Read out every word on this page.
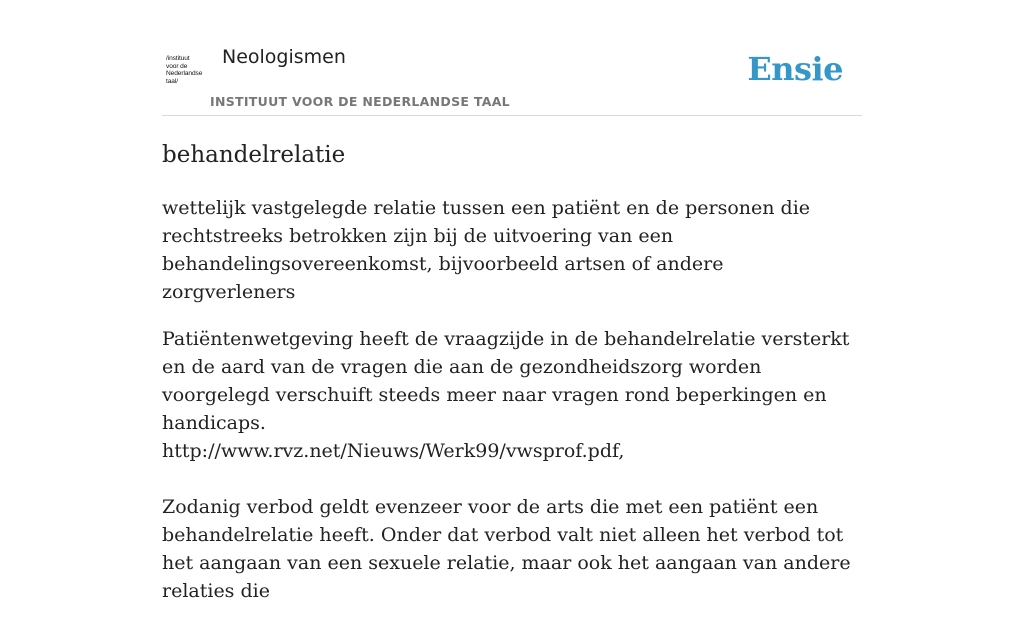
/instituut
voor de
Nederlandse
taal/
Neologismen
INSTITUUT VOOR DE NEDERLANDSE TAAL
Ensie
behandelrelatie

wettelijk vastgelegde relatie tussen een patiënt en de personen die rechtstreeks betrokken zijn bij de uitvoering van een behandelingsovereenkomst, bijvoorbeeld artsen of andere zorgverleners

Patiëntenwetgeving heeft de vraagzijde in de behandelrelatie versterkt en de aard van de vragen die aan de gezondheidszorg worden voorgelegd verschuift steeds meer naar vragen rond beperkingen en handicaps.
http://www.rvz.net/Nieuws/Werk99/vwsprof.pdf,
Zodanig verbod geldt evenzeer voor de arts die met een patiënt een behandelrelatie heeft. Onder dat verbod valt niet alleen het verbod tot het aangaan van een sexuele relatie, maar ook het aangaan van andere relaties die
